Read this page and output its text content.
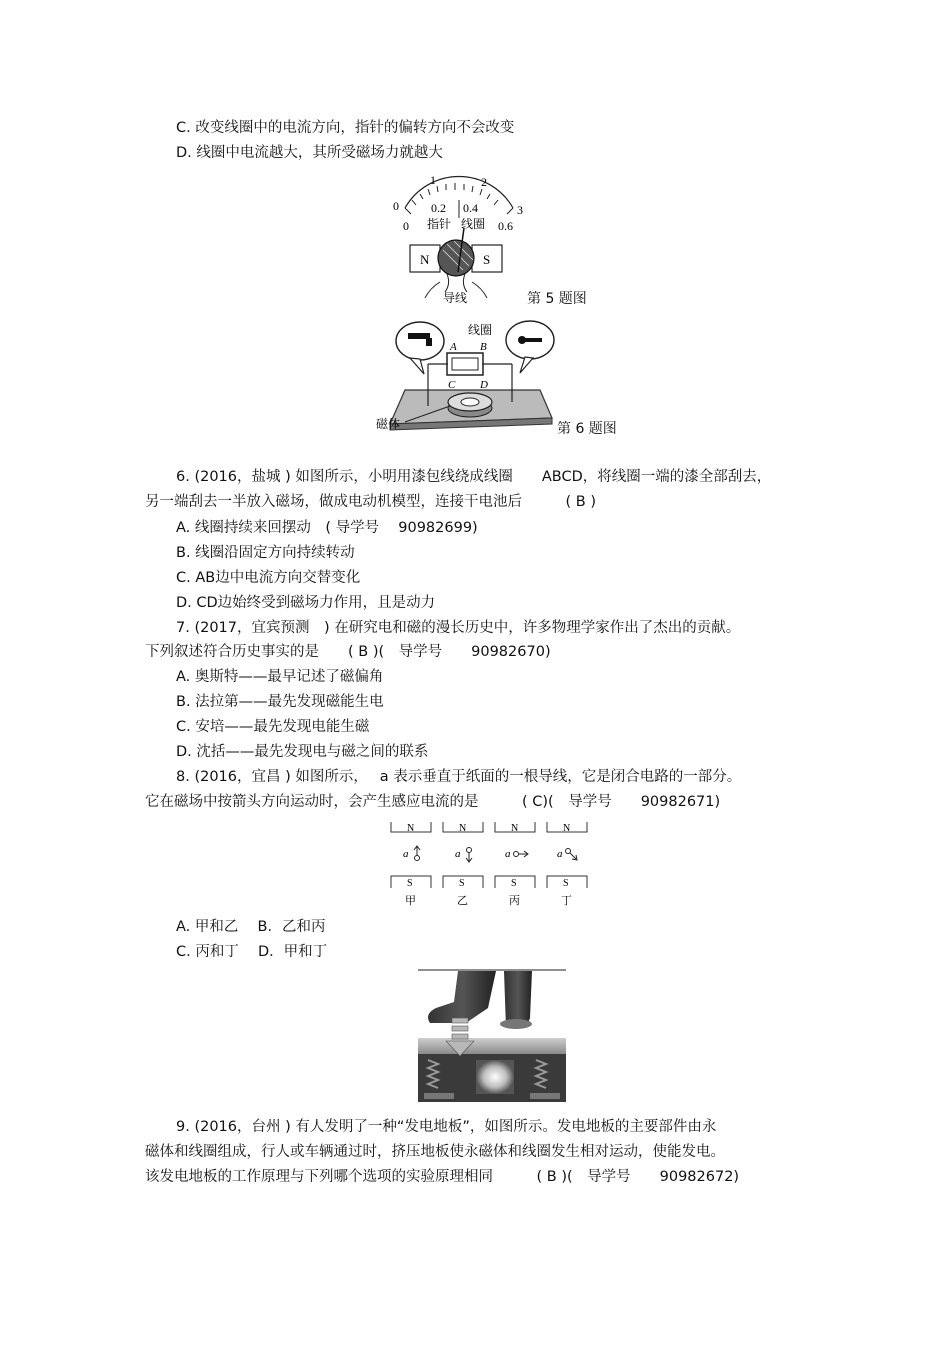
C. 改变线圈中的电流方向，指针的偏转方向不会改变
D. 线圈中电流越大，其所受磁场力就越大
0
1	2
3
0
0.2 0.4
0.6
指针 线圈
N	S
导线	第 5 题图
线圈
A B
C D
磁体	第 6 题图
6. (2016，盐城 ) 如图所示，小明用漆包线绕成线圈　　ABCD，将线圈一端的漆全部刮去，
另一端刮去一半放入磁场，做成电动机模型，连接干电池后　　　( B )
A. 线圈持续来回摆动　( 导学号　 90982699)
B. 线圈沿固定方向持续转动
C. AB边中电流方向交替变化
D. CD边始终受到磁场力作用，且是动力
7. (2017，宜宾预测　) 在研究电和磁的漫长历史中，许多物理学家作出了杰出的贡献。
下列叙述符合历史事实的是　　( B )(　导学号　　90982670)
A. 奥斯特——最早记述了磁偏角
B. 法拉第——最先发现磁能生电
C. 安培——最先发现电能生磁
D. 沈括——最先发现电与磁之间的联系
8. (2016，宜昌 ) 如图所示，　 a 表示垂直于纸面的一根导线，它是闭合电路的一部分。
它在磁场中按箭头方向运动时，会产生感应电流的是　　　( C)(　导学号　　90982671)
N
a
S
甲
N
a
S
乙
N
a
S
丙
N
a
S
丁
A. 甲和乙　 B．乙和丙
C. 丙和丁　 D．甲和丁
9. (2016，台州 ) 有人发明了一种“发电地板”，如图所示。发电地板的主要部件由永
磁体和线圈组成，行人或车辆通过时，挤压地板使永磁体和线圈发生相对运动，使能发电。
该发电地板的工作原理与下列哪个选项的实验原理相同　　　( B )(　导学号　　90982672)
